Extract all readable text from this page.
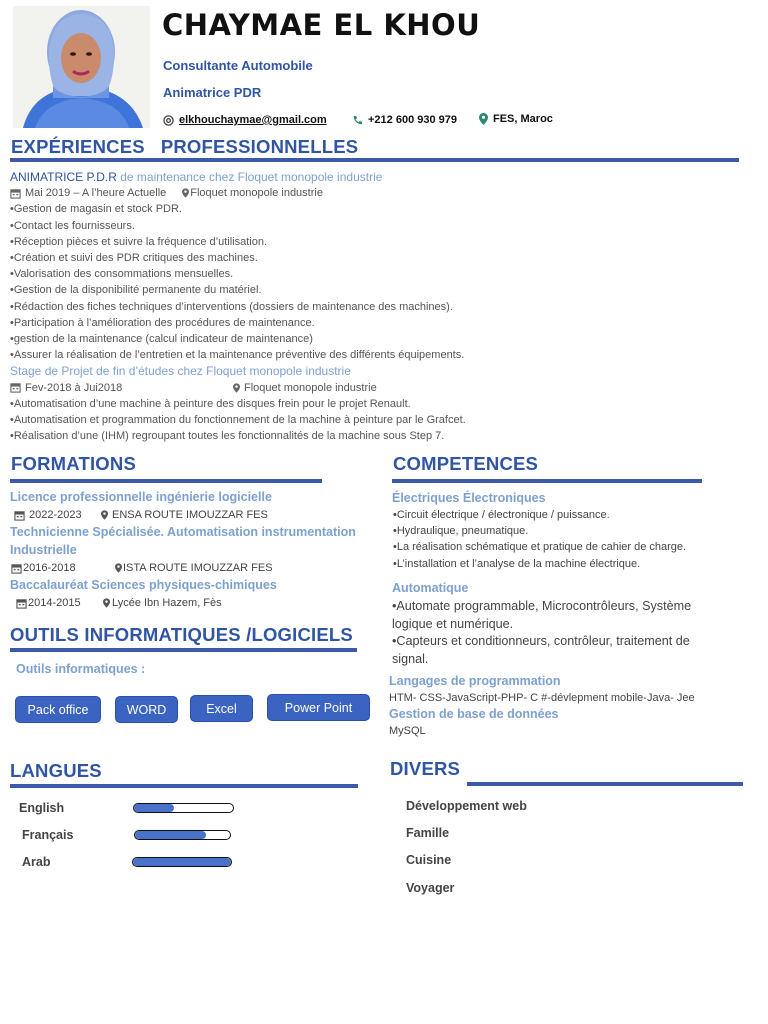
CHAYMAE EL KHOU
Consultante Automobile
Animatrice PDR
elkhouchaymae@gmail.com	+212 600 930 979	FES, Maroc
EXPÉRIENCES PROFESSIONNELLES
ANIMATRICE P.D.R de maintenance chez Floquet monopole industrie
Mai 2019 – A l’heure Actuelle Floquet monopole industrie
•Gestion de magasin et stock PDR.
•Contact les fournisseurs.
•Réception pièces et suivre la fréquence d’utilisation.
•Création et suivi des PDR critiques des machines.
•Valorisation des consommations mensuelles.
•Gestion de la disponibilité permanente du matériel.
•Rédaction des fiches techniques d’interventions (dossiers de maintenance des machines).
•Participation à l’amélioration des procédures de maintenance.
•gestion de la maintenance (calcul indicateur de maintenance)
•Assurer la réalisation de l’entretien et la maintenance préventive des différents équipements.
Stage de Projet de fin d’études chez Floquet monopole industrie
Fev-2018 à Jui2018	Floquet monopole industrie
•Automatisation d’une machine à peinture des disques frein pour le projet Renault.
•Automatisation et programmation du fonctionnement de la machine à peinture par le Grafcet.
•Réalisation d’une (IHM) regroupant toutes les fonctionnalités de la machine sous Step 7.
FORMATIONS
Licence professionnelle ingénierie logicielle
2022-2023	ENSA ROUTE IMOUZZAR FES
Technicienne Spécialisée. Automatisation instrumentation
Industrielle
2016-2018	ISTA ROUTE IMOUZZAR FES
Baccalauréat Sciences physiques-chimiques
2014-2015	Lycée Ibn Hazem, Fès
COMPETENCES
Électriques Électroniques
•Circuit électrique / électronique / puissance.
•Hydraulique, pneumatique.
•La réalisation schématique et pratique de cahier de charge.
•L’installation et l’analyse de la machine électrique.
Automatique
•Automate programmable, Microcontrôleurs, Système logique et numérique.
•Capteurs et conditionneurs, contrôleur, traitement de signal.
Langages de programmation
HTM- CSS-JavaScript-PHP- C #-dévlepment mobile-Java- Jee
Gestion de base de données
MySQL
OUTILS INFORMATIQUES /LOGICIELS
Outils informatiques :
Pack office	WORD	Excel	Power Point
LANGUES
English
Français
Arab
DIVERS
Développement web
Famille
Cuisine
Voyager
